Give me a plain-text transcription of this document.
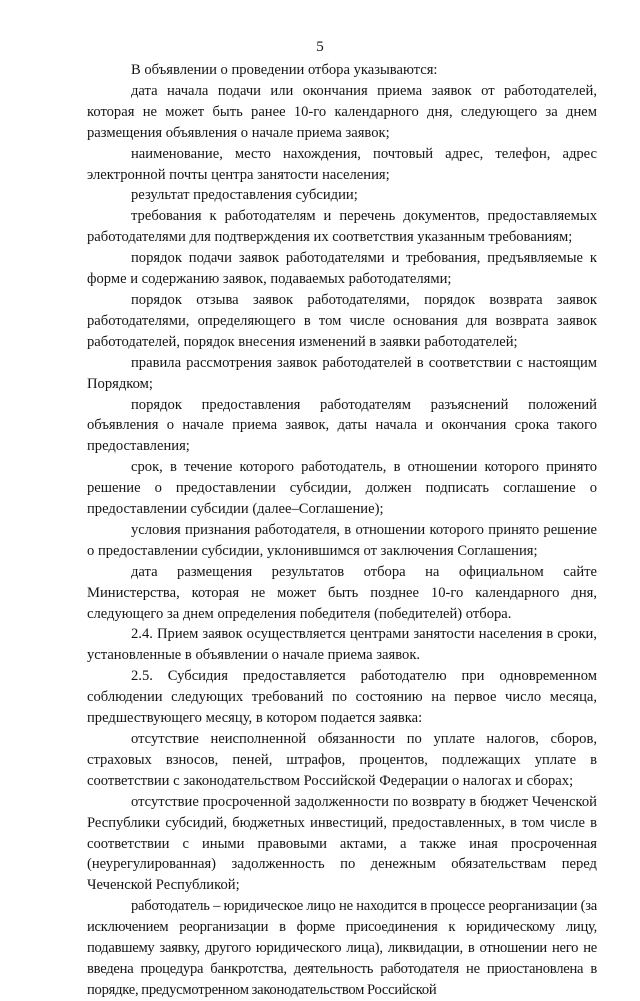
5

В объявлении о проведении отбора указываются:

дата начала подачи или окончания приема заявок от работодателей, которая не может быть ранее 10-го календарного дня, следующего за днем размещения объявления о начале приема заявок;

наименование, место нахождения, почтовый адрес, телефон, адрес электронной почты центра занятости населения;

результат предоставления субсидии;

требования к работодателям и перечень документов, предоставляемых работодателями для подтверждения их соответствия указанным требованиям;

порядок подачи заявок работодателями и требования, предъявляемые к форме и содержанию заявок, подаваемых работодателями;

порядок отзыва заявок работодателями, порядок возврата заявок работодателями, определяющего в том числе основания для возврата заявок работодателей, порядок внесения изменений в заявки работодателей;

правила рассмотрения заявок работодателей в соответствии с настоящим Порядком;

порядок предоставления работодателям разъяснений положений объявления о начале приема заявок, даты начала и окончания срока такого предоставления;

срок, в течение которого работодатель, в отношении которого принято решение о предоставлении субсидии, должен подписать соглашение о предоставлении субсидии (далее–Соглашение);

условия признания работодателя, в отношении которого принято решение о предоставлении субсидии, уклонившимся от заключения Соглашения;

дата размещения результатов отбора на официальном сайте Министерства, которая не может быть позднее 10-го календарного дня, следующего за днем определения победителя (победителей) отбора.

2.4. Прием заявок осуществляется центрами занятости населения в сроки, установленные в объявлении о начале приема заявок.

2.5. Субсидия предоставляется работодателю при одновременном соблюдении следующих требований по состоянию на первое число месяца, предшествующего месяцу, в котором подается заявка:

отсутствие неисполненной обязанности по уплате налогов, сборов, страховых взносов, пеней, штрафов, процентов, подлежащих уплате в соответствии с законодательством Российской Федерации о налогах и сборах;

отсутствие просроченной задолженности по возврату в бюджет Чеченской Республики субсидий, бюджетных инвестиций, предоставленных, в том числе в соответствии с иными правовыми актами, а также иная просроченная (неурегулированная) задолженность по денежным обязательствам перед Чеченской Республикой;

работодатель – юридическое лицо не находится в процессе реорганизации (за исключением реорганизации в форме присоединения к юридическому лицу, подавшему заявку, другого юридического лица), ликвидации, в отношении него не введена процедура банкротства, деятельность работодателя не приостановлена в порядке, предусмотренном законодательством Российской
